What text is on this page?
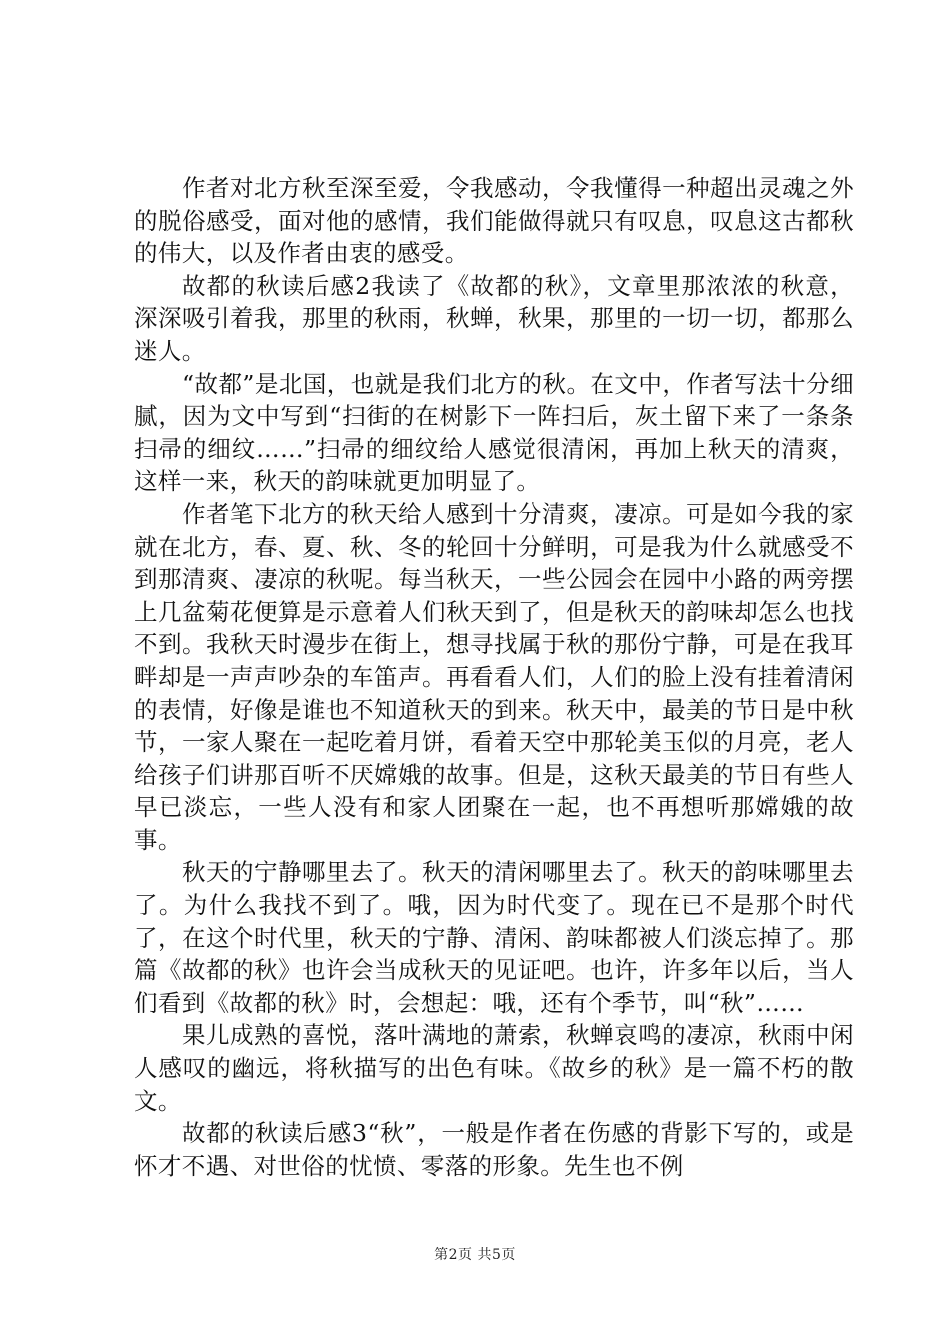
作者对北方秋至深至爱，令我感动，令我懂得一种超出灵魂之外的脱俗感受，面对他的感情，我们能做得就只有叹息，叹息这古都秋的伟大，以及作者由衷的感受。

故都的秋读后感2我读了《故都的秋》，文章里那浓浓的秋意，深深吸引着我，那里的秋雨，秋蝉，秋果，那里的一切一切，都那么迷人。

“故都”是北国，也就是我们北方的秋。在文中，作者写法十分细腻，因为文中写到“扫街的在树影下一阵扫后，灰土留下来了一条条扫帚的细纹……”扫帚的细纹给人感觉很清闲，再加上秋天的清爽，这样一来，秋天的韵味就更加明显了。

作者笔下北方的秋天给人感到十分清爽，凄凉。可是如今我的家就在北方，春、夏、秋、冬的轮回十分鲜明，可是我为什么就感受不到那清爽、凄凉的秋呢。每当秋天，一些公园会在园中小路的两旁摆上几盆菊花便算是示意着人们秋天到了，但是秋天的韵味却怎么也找不到。我秋天时漫步在街上，想寻找属于秋的那份宁静，可是在我耳畔却是一声声吵杂的车笛声。再看看人们，人们的脸上没有挂着清闲的表情，好像是谁也不知道秋天的到来。秋天中，最美的节日是中秋节，一家人聚在一起吃着月饼，看着天空中那轮美玉似的月亮，老人给孩子们讲那百听不厌嫦娥的故事。但是，这秋天最美的节日有些人早已淡忘，一些人没有和家人团聚在一起，也不再想听那嫦娥的故事。

秋天的宁静哪里去了。秋天的清闲哪里去了。秋天的韵味哪里去了。为什么我找不到了。哦，因为时代变了。现在已不是那个时代了，在这个时代里，秋天的宁静、清闲、韵味都被人们淡忘掉了。那篇《故都的秋》也许会当成秋天的见证吧。也许，许多年以后，当人们看到《故都的秋》时，会想起：哦，还有个季节，叫“秋”……

果儿成熟的喜悦，落叶满地的萧索，秋蝉哀鸣的凄凉，秋雨中闲人感叹的幽远，将秋描写的出色有味。《故乡的秋》是一篇不朽的散文。

故都的秋读后感3“秋”，一般是作者在伤感的背影下写的，或是怀才不遇、对世俗的忧愤、零落的形象。先生也不例

第2页 共5页
